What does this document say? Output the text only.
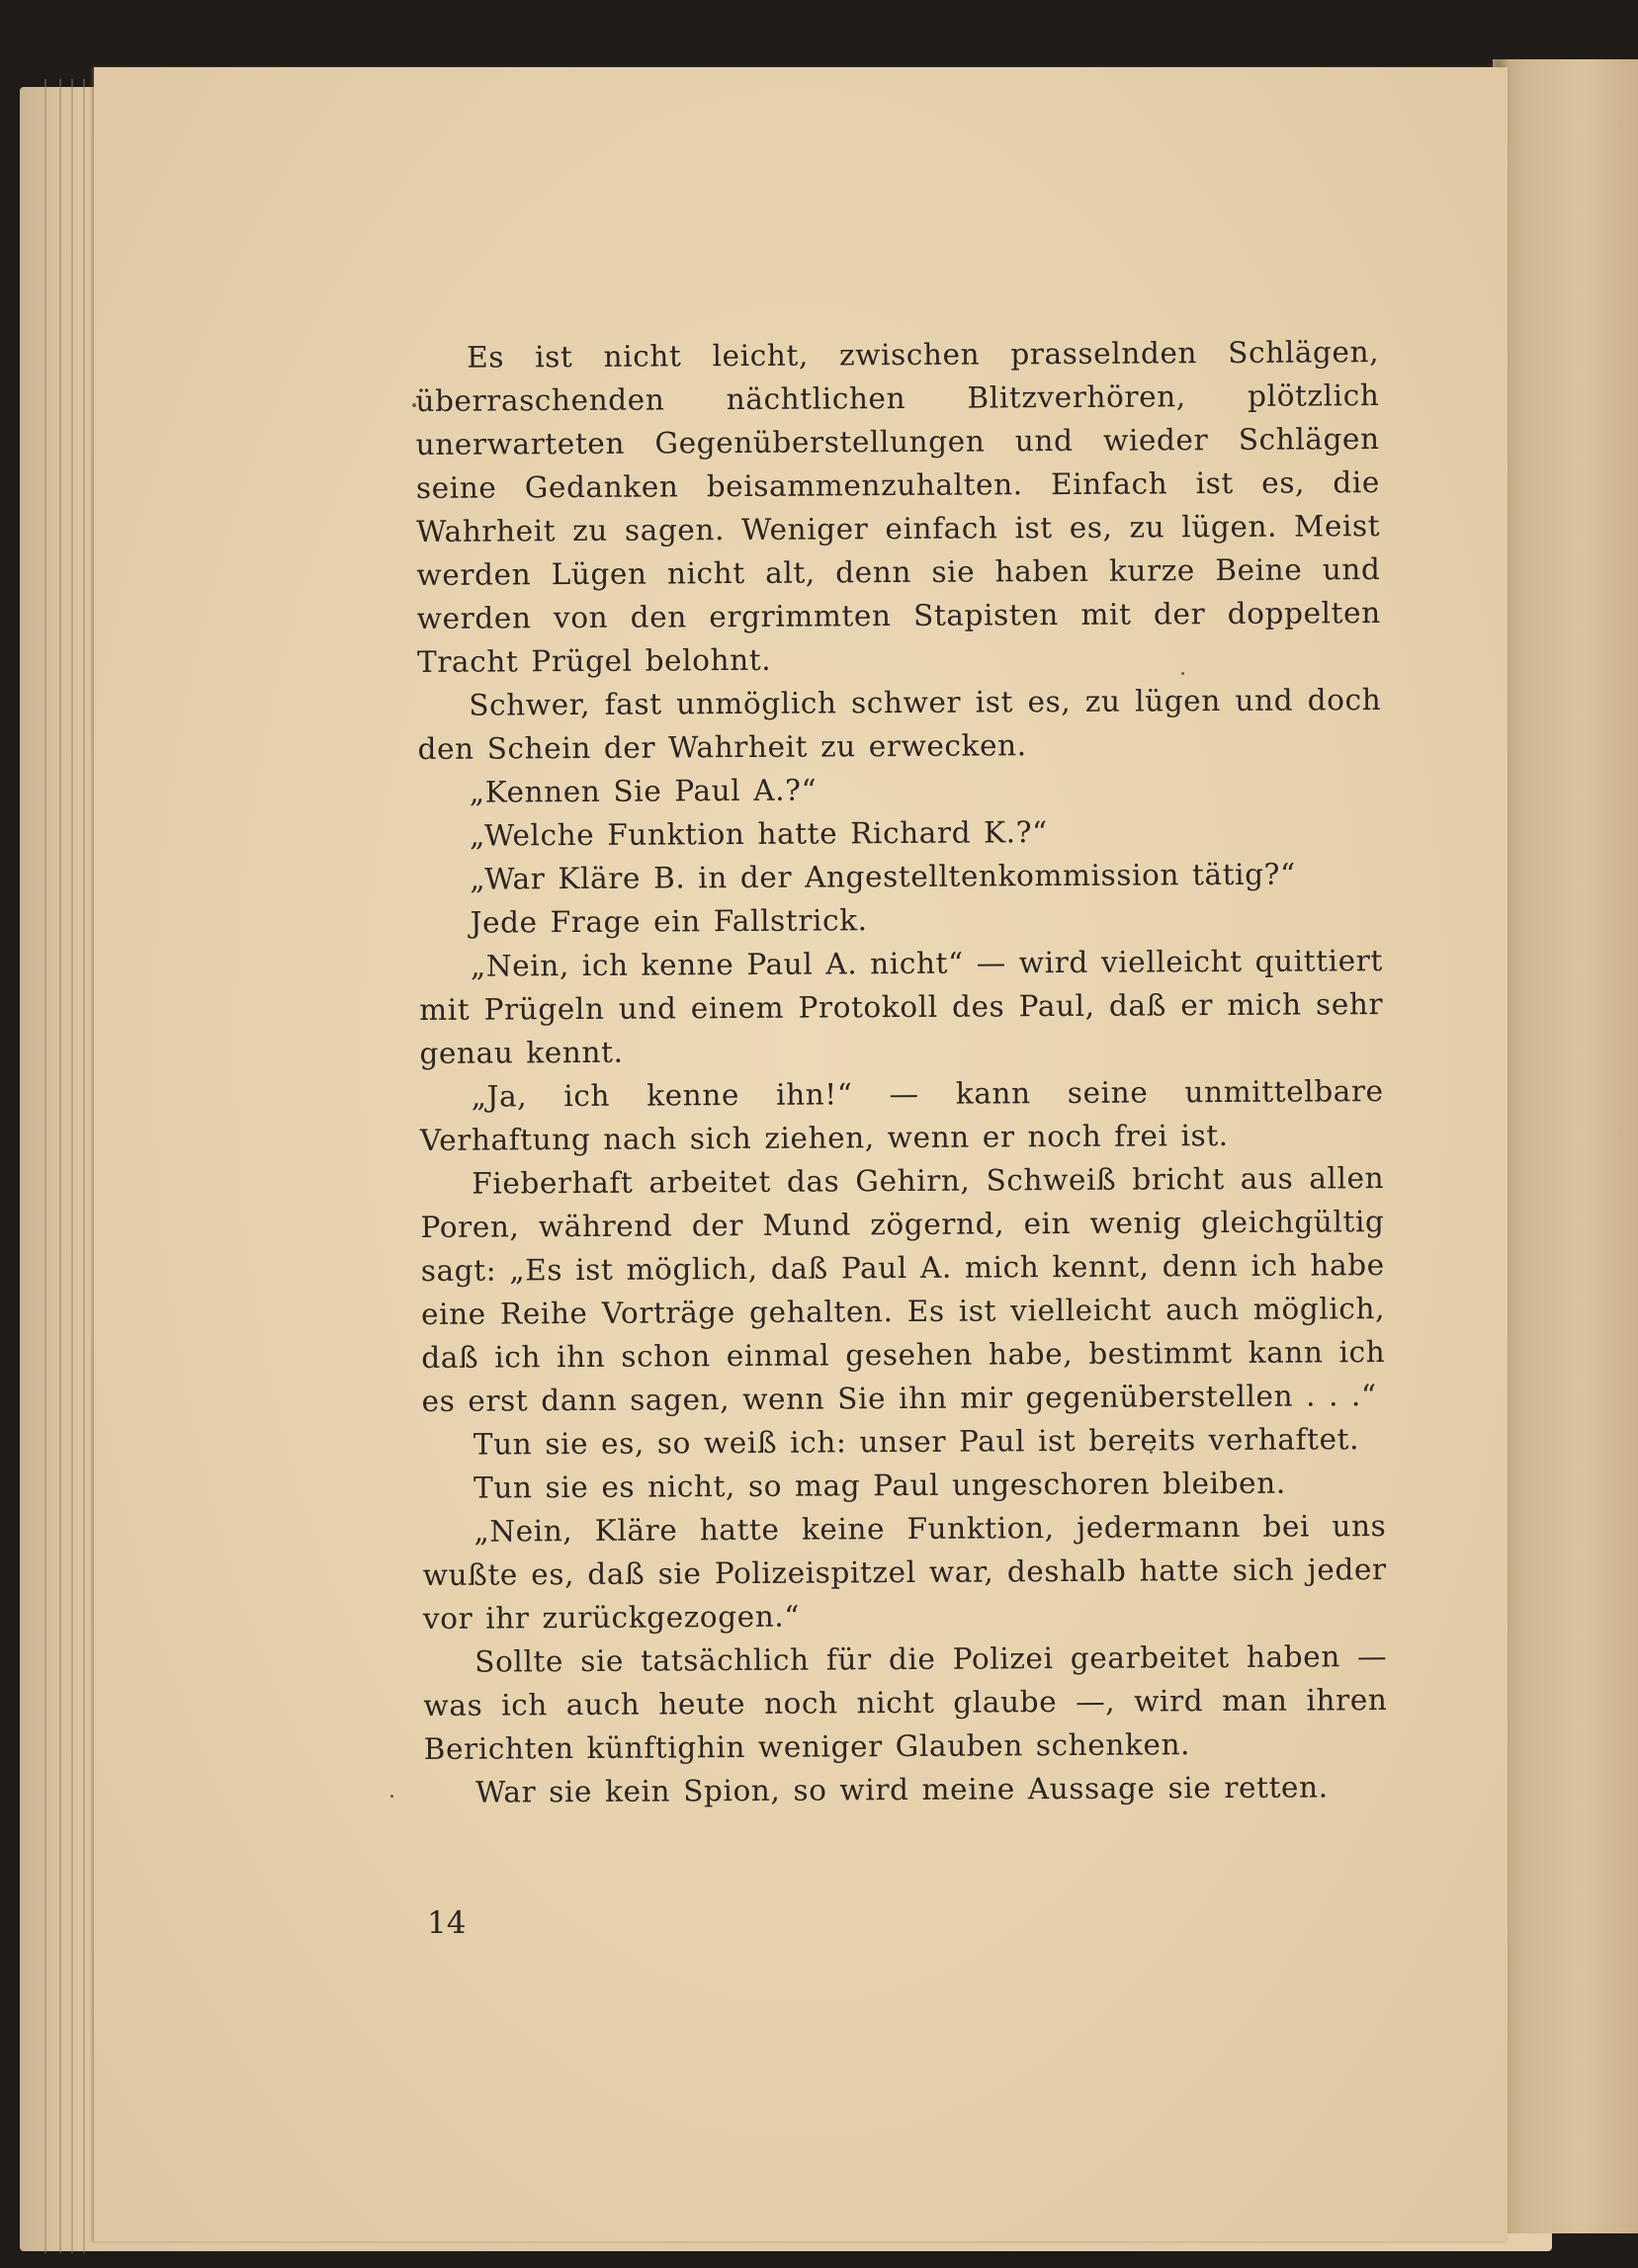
Es ist nicht leicht, zwischen prasselnden Schlägen, überraschenden nächtlichen Blitzverhören, plötzlich unerwarteten Gegenüberstellungen und wieder Schlägen seine Gedanken beisammenzuhalten. Einfach ist es, die Wahrheit zu sagen. Weniger einfach ist es, zu lügen. Meist werden Lügen nicht alt, denn sie haben kurze Beine und werden von den ergrimmten Stapisten mit der doppelten Tracht Prügel belohnt.

Schwer, fast unmöglich schwer ist es, zu lügen und doch den Schein der Wahrheit zu erwecken.

„Kennen Sie Paul A.?“

„Welche Funktion hatte Richard K.?“

„War Kläre B. in der Angestelltenkommission tätig?“

Jede Frage ein Fallstrick.

„Nein, ich kenne Paul A. nicht“ — wird vielleicht quittiert mit Prügeln und einem Protokoll des Paul, daß er mich sehr genau kennt.

„Ja, ich kenne ihn!“ — kann seine unmittelbare Verhaftung nach sich ziehen, wenn er noch frei ist.

Fieberhaft arbeitet das Gehirn, Schweiß bricht aus allen Poren, während der Mund zögernd, ein wenig gleichgültig sagt: „Es ist möglich, daß Paul A. mich kennt, denn ich habe eine Reihe Vorträge gehalten. Es ist vielleicht auch möglich, daß ich ihn schon einmal gesehen habe, bestimmt kann ich es erst dann sagen, wenn Sie ihn mir gegenüberstellen . . .“

Tun sie es, so weiß ich: unser Paul ist bereits verhaftet.

Tun sie es nicht, so mag Paul ungeschoren bleiben.

„Nein, Kläre hatte keine Funktion, jedermann bei uns wußte es, daß sie Polizeispitzel war, deshalb hatte sich jeder vor ihr zurückgezogen.“

Sollte sie tatsächlich für die Polizei gearbeitet haben — was ich auch heute noch nicht glaube —, wird man ihren Berichten künftighin weniger Glauben schenken.

War sie kein Spion, so wird meine Aussage sie retten.

14
